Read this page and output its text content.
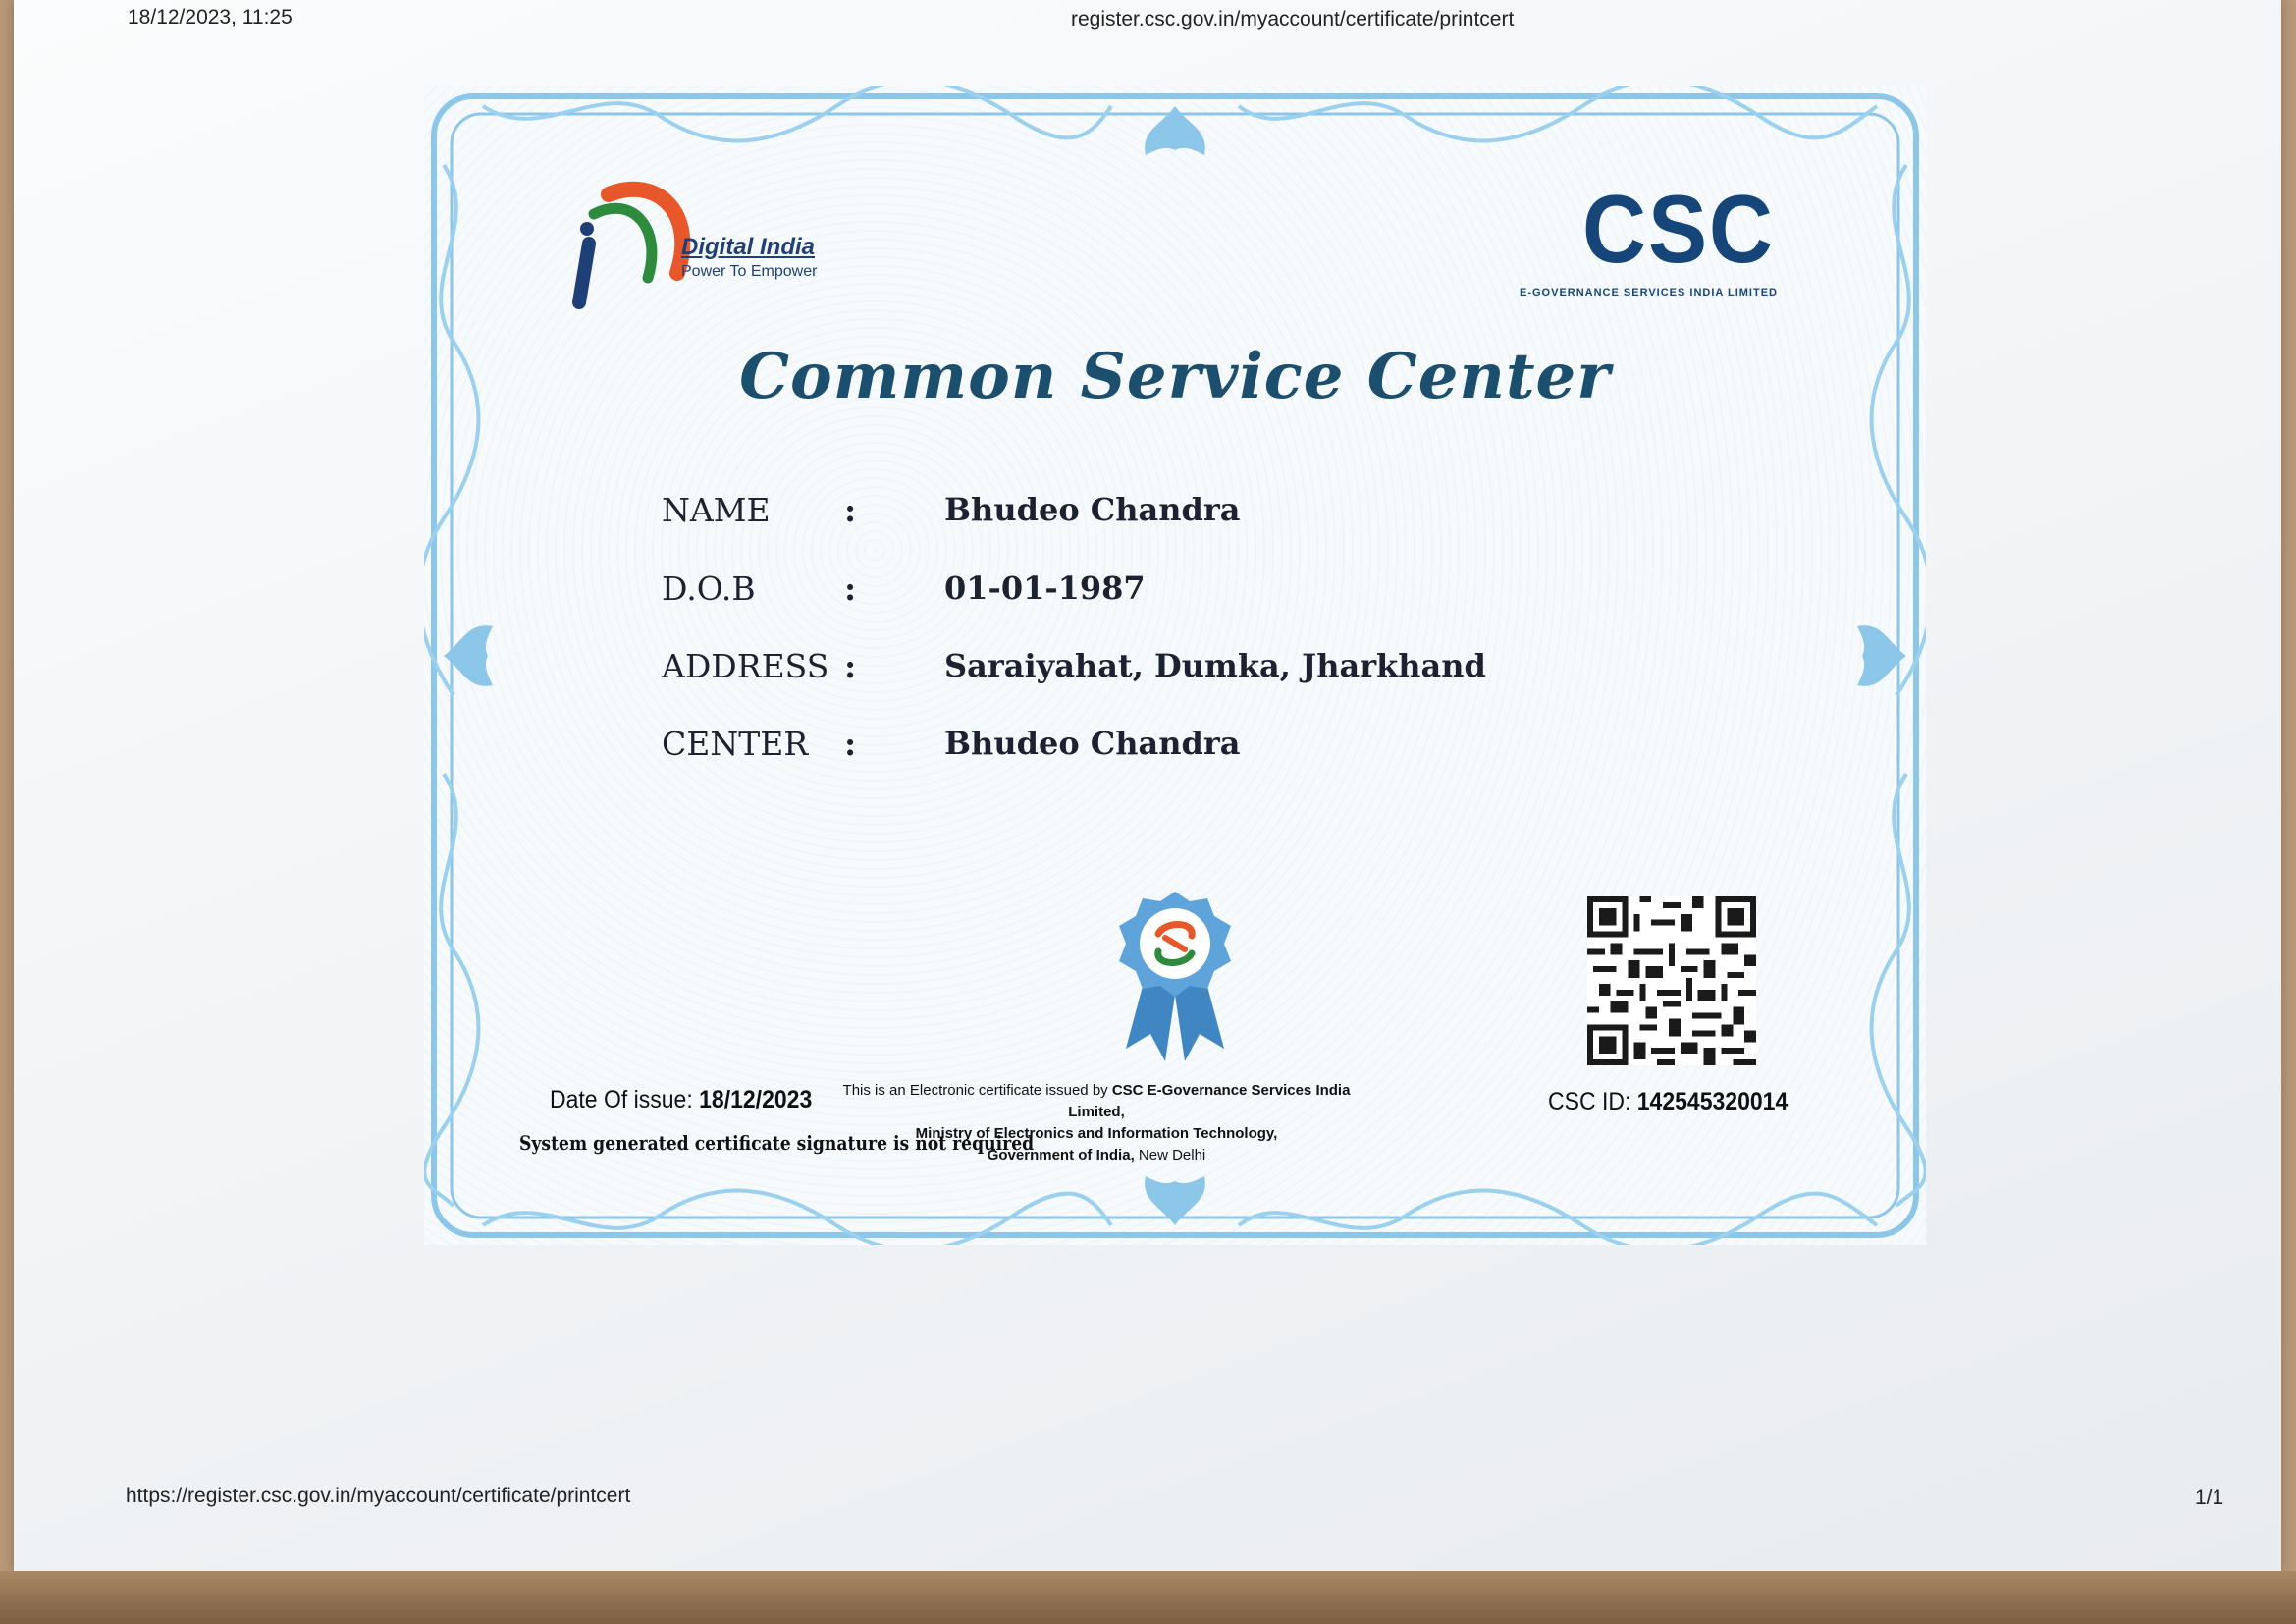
18/12/2023, 11:25	register.csc.gov.in/myaccount/certificate/printcert
Digital India
Power To Empower	CSC
E-GOVERNANCE SERVICES INDIA LIMITED
Common Service Center
NAME :	Bhudeo Chandra
D.O.B	:	01-01-1987
ADDRESS :	Saraiyahat, Dumka, Jharkhand
CENTER :	Bhudeo Chandra
Date Of issue: 18/12/2023
System generated certificate signature is not required
This is an Electronic certificate issued by CSC E-Governance Services India Limited,
Ministry of Electronics and Information Technology,
Government of India, New Delhi
CSC ID: 142545320014
https://register.csc.gov.in/myaccount/certificate/printcert	1/1
